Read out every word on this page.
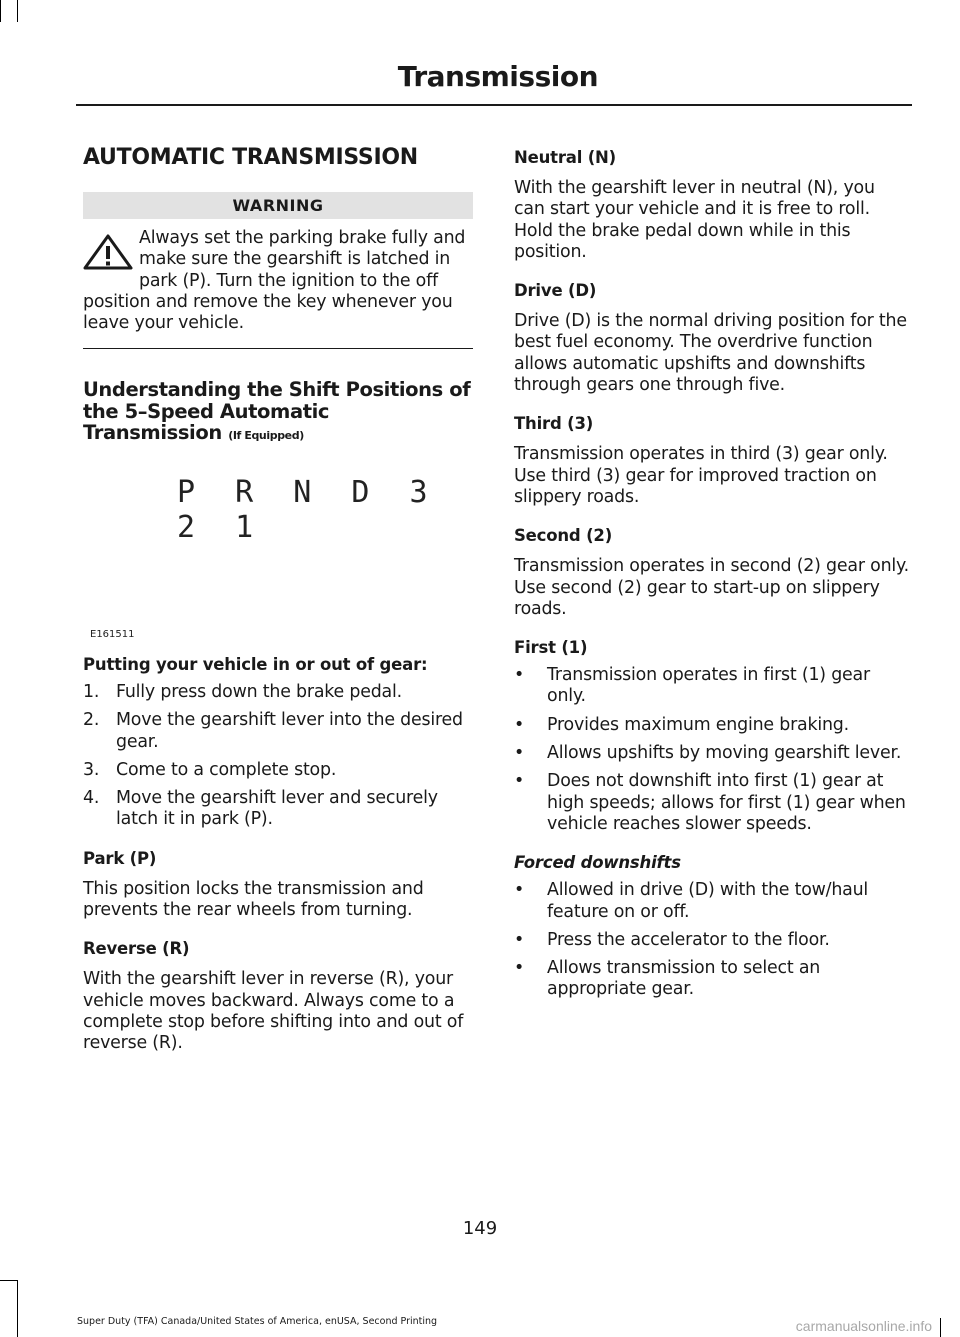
Transmission
AUTOMATIC TRANSMISSION
WARNING
Always set the parking brake fully and make sure the gearshift is latched in park (P). Turn the ignition to the off position and remove the key whenever you leave your vehicle.
Understanding the Shift Positions of the 5–Speed Automatic Transmission (If Equipped)
P R N D 3 2 1
E161511
Putting your vehicle in or out of gear:
1. Fully press down the brake pedal.
2. Move the gearshift lever into the desired gear.
3. Come to a complete stop.
4. Move the gearshift lever and securely latch it in park (P).
Park (P)

This position locks the transmission and prevents the rear wheels from turning.

Reverse (R)

With the gearshift lever in reverse (R), your vehicle moves backward. Always come to a complete stop before shifting into and out of reverse (R).

Neutral (N)

With the gearshift lever in neutral (N), you can start your vehicle and it is free to roll. Hold the brake pedal down while in this position.

Drive (D)

Drive (D) is the normal driving position for the best fuel economy. The overdrive function allows automatic upshifts and downshifts through gears one through five.

Third (3)

Transmission operates in third (3) gear only. Use third (3) gear for improved traction on slippery roads.

Second (2)

Transmission operates in second (2) gear only. Use second (2) gear to start-up on slippery roads.

First (1)
• Transmission operates in first (1) gear only.
• Provides maximum engine braking.
• Allows upshifts by moving gearshift lever.
• Does not downshift into first (1) gear at high speeds; allows for first (1) gear when vehicle reaches slower speeds.
Forced downshifts
• Allowed in drive (D) with the tow/haul feature on or off.
• Press the accelerator to the floor.
• Allows transmission to select an appropriate gear.
149
Super Duty (TFA) Canada/United States of America, enUSA, Second Printing	carmanualsonline.info
